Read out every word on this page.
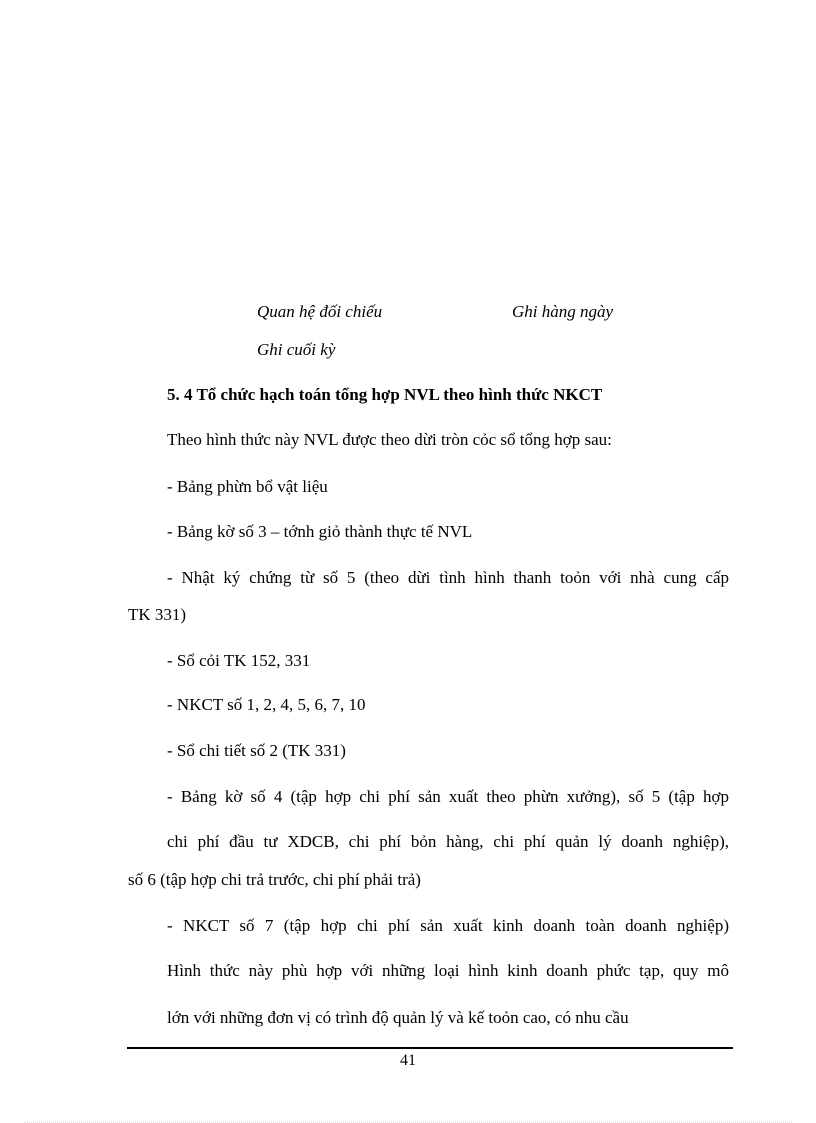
Quan hệ đối chiếu	Ghi hàng ngày
Ghi cuối kỳ
5. 4 Tổ chức hạch toán tổng hợp NVL theo hình thức NKCT
Theo hình thức này NVL được theo dừi tròn cỏc sổ tổng hợp sau:
- Bảng phừn bổ vật liệu
- Bảng kờ số 3 – tớnh giỏ thành thực tế NVL
- Nhật ký chứng từ số 5 (theo dừi tình hình thanh toỏn với nhà cung cấp
TK 331)
- Sổ cỏi TK 152, 331
- NKCT số 1, 2, 4, 5, 6, 7, 10
- Sổ chi tiết số 2 (TK 331)
- Bảng kờ số 4 (tập hợp chi phí sản xuất theo phừn xưởng), số 5 (tập hợp
chi phí đầu tư XDCB, chi phí bỏn hàng, chi phí quản lý doanh nghiệp),
số 6 (tập hợp chi trả trước, chi phí phải trả)
- NKCT số 7 (tập hợp chi phí sản xuất kinh doanh toàn doanh nghiệp)
Hình thức này phù hợp với những loại hình kinh doanh phức tạp, quy mô
lớn với những đơn vị có trình độ quản lý và kế toỏn cao, có nhu cầu
41
